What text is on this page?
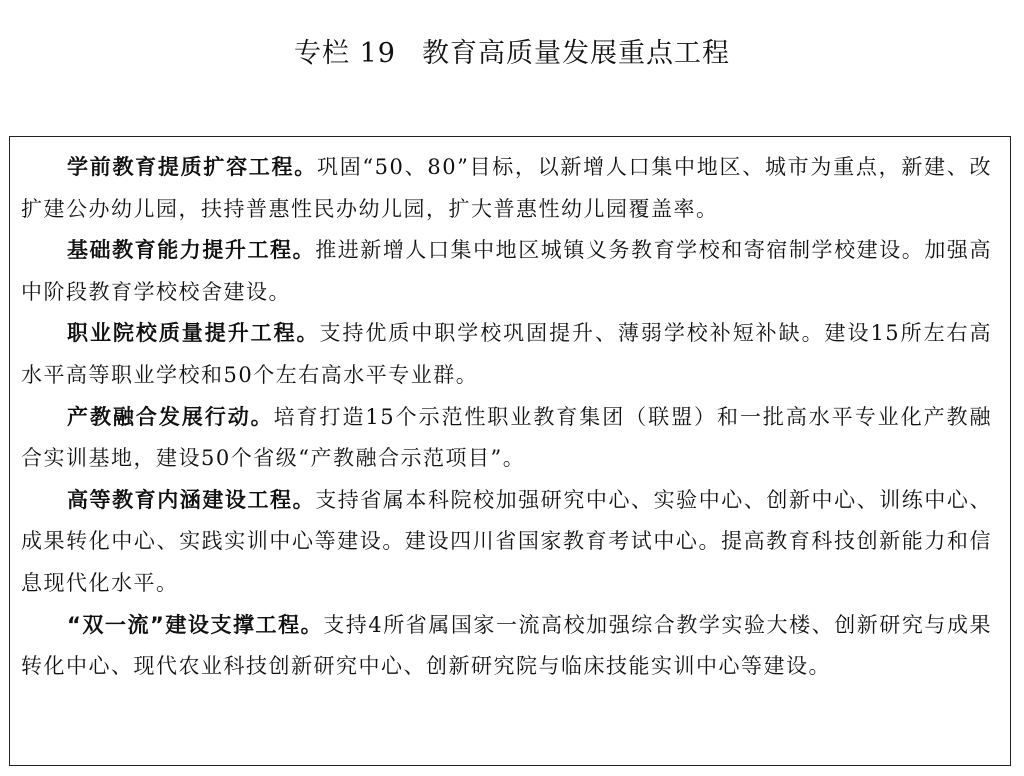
专栏 19 教育高质量发展重点工程

学前教育提质扩容工程。巩固“50、80”目标，以新增人口集中地区、城市为重点，新建、改扩建公办幼儿园，扶持普惠性民办幼儿园，扩大普惠性幼儿园覆盖率。

基础教育能力提升工程。推进新增人口集中地区城镇义务教育学校和寄宿制学校建设。加强高中阶段教育学校校舍建设。

职业院校质量提升工程。支持优质中职学校巩固提升、薄弱学校补短补缺。建设15所左右高水平高等职业学校和50个左右高水平专业群。

产教融合发展行动。培育打造15个示范性职业教育集团（联盟）和一批高水平专业化产教融合实训基地，建设50个省级“产教融合示范项目”。

高等教育内涵建设工程。支持省属本科院校加强研究中心、实验中心、创新中心、训练中心、成果转化中心、实践实训中心等建设。建设四川省国家教育考试中心。提高教育科技创新能力和信息现代化水平。

“双一流”建设支撑工程。支持4所省属国家一流高校加强综合教学实验大楼、创新研究与成果转化中心、现代农业科技创新研究中心、创新研究院与临床技能实训中心等建设。
